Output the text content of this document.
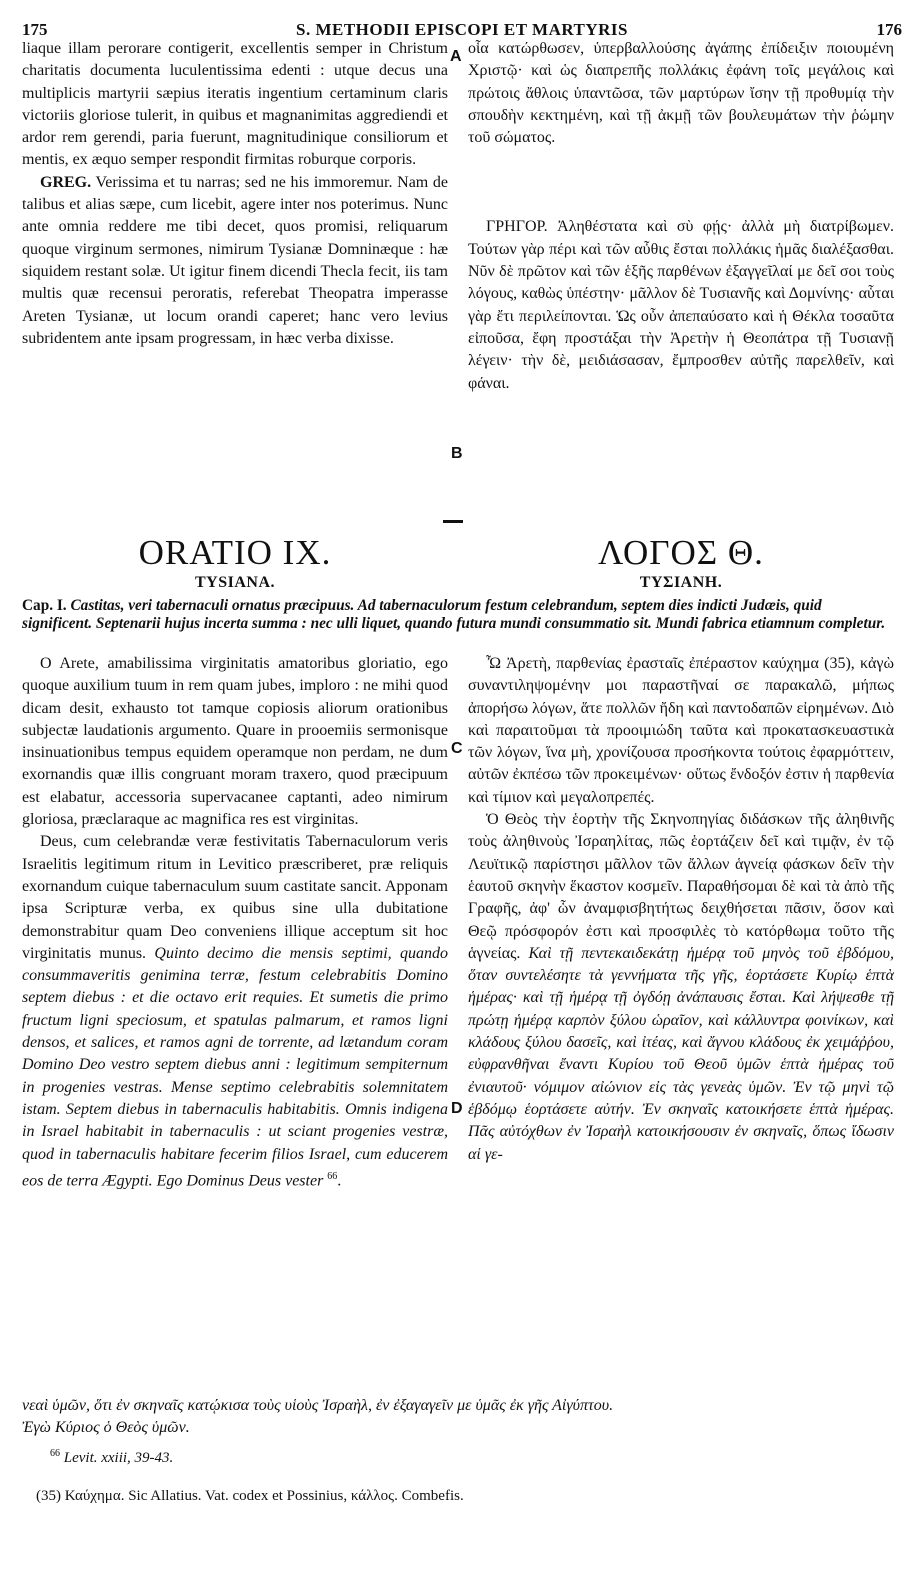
175	S. METHODII EPISCOPI ET MARTYRIS	176

liaque illam perorare contigerit, excellentis semper in Christum charitatis documenta luculentissima edenti : utque decus una multiplicis martyrii sæpius iteratis ingentium certaminum claris victoriis gloriose tulerit, in quibus et magnanimitas aggrediendi et ardor rem gerendi, paria fuerunt, magnitudinique consiliorum et mentis, ex æquo semper respondit firmitas roburque corporis.

GREG. Verissima et tu narras; sed ne his immoremur. Nam de talibus et alias sæpe, cum licebit, agere inter nos poterimus. Nunc ante omnia reddere me tibi decet, quos promisi, reliquarum quoque virginum sermones, nimirum Tysianæ Domninæque : hæ siquidem restant solæ. Ut igitur finem dicendi Thecla fecit, iis tam multis quæ recensui peroratis, referebat Theopatra imperasse Areten Tysianæ, ut locum orandi caperet; hanc vero levius subridentem ante ipsam progressam, in hæc verba dixisse.

οἷα κατώρθωσεν, ὑπερβαλλούσης ἀγάπης ἐπίδειξιν ποιουμένη Χριστῷ· καὶ ὡς διαπρεπῆς πολλάκις ἐφάνη τοῖς μεγάλοις καὶ πρώτοις ἄθλοις ὑπαντῶσα, τῶν μαρτύρων ἴσην τῇ προθυμίᾳ τὴν σπουδὴν κεκτημένη, καὶ τῇ ἀκμῇ τῶν βουλευμάτων τὴν ῥώμην τοῦ σώματος.

ΓΡΗΓΟΡ. Ἀληθέστατα καὶ σὺ φῄς· ἀλλὰ μὴ διατρίβωμεν. Τούτων γὰρ πέρι καὶ τῶν αὖθις ἔσται πολλάκις ἡμᾶς διαλέξασθαι. Νῦν δὲ πρῶτον καὶ τῶν ἑξῆς παρθένων ἐξαγγεῖλαί με δεῖ σοι τοὺς λόγους, καθὼς ὑπέστην· μᾶλλον δὲ Τυσιανῆς καὶ Δομνίνης· αὗται γὰρ ἔτι περιλείπονται. Ὡς οὖν ἀπεπαύσατο καὶ ἡ Θέκλα τοσαῦτα εἰποῦσα, ἔφη προστάξαι τὴν Ἀρετὴν ἡ Θεοπάτρα τῇ Τυσιανῇ λέγειν· τὴν δὲ, μειδιάσασαν, ἔμπροσθεν αὐτῆς παρελθεῖν, καὶ φάναι.

A
B
ORATIO IX.
TYSIANA.
ΛΟΓΟΣ Θ.
ΤΥΣΙΑΝΗ.
Cap. I. Castitas, veri tabernaculi ornatus præcipuus. Ad tabernaculorum festum celebrandum, septem dies indicti Judæis, quid significent. Septenarii hujus incerta summa : nec ulli liquet, quando futura mundi consummatio sit. Mundi fabrica etiamnum completur.

O Arete, amabilissima virginitatis amatoribus gloriatio, ego quoque auxilium tuum in rem quam jubes, imploro : ne mihi quod dicam desit, exhausto tot tamque copiosis aliorum orationibus subjectæ laudationis argumento. Quare in prooemiis sermonisque insinuationibus tempus equidem operamque non perdam, ne dum exornandis quæ illis congruant moram traxero, quod præcipuum est elabatur, accessoria supervacanee captanti, adeo nimirum gloriosa, præclaraque ac magnifica res est virginitas.

Deus, cum celebrandæ veræ festivitatis Tabernaculorum veris Israelitis legitimum ritum in Levitico præscriberet, præ reliquis exornandum cuique tabernaculum suum castitate sancit. Apponam ipsa Scripturæ verba, ex quibus sine ulla dubitatione demonstrabitur quam Deo conveniens illique acceptum sit hoc virginitatis munus. Quinto decimo die mensis septimi, quando consummaveritis genimina terræ, festum celebrabitis Domino septem diebus : et die octavo erit requies. Et sumetis die primo fructum ligni speciosum, et spatulas palmarum, et ramos ligni densos, et salices, et ramos agni de torrente, ad lætandum coram Domino Deo vestro septem diebus anni : legitimum sempiternum in progenies vestras. Mense septimo celebrabitis solemnitatem istam. Septem diebus in tabernaculis habitabitis. Omnis indigena in Israel habitabit in tabernaculis : ut sciant progenies vestræ, quod in tabernaculis habitare fecerim filios Israel, cum educerem eos de terra Ægypti. Ego Dominus Deus vester $^{66}$.

Ὦ Ἀρετὴ, παρθενίας ἐρασταῖς ἐπέραστον καύχημα (35), κἀγὼ συναντιληψομένην μοι παραστῆναί σε παρακαλῶ, μήπως ἀπορήσω λόγων, ἅτε πολλῶν ἤδη καὶ παντοδαπῶν εἰρημένων. Διὸ καὶ παραιτοῦμαι τὰ προοιμιώδη ταῦτα καὶ προκατασκευαστικὰ τῶν λόγων, ἵνα μὴ, χρονίζουσα προσήκοντα τούτοις ἐφαρμόττειν, αὐτῶν ἐκπέσω τῶν προκειμένων· οὕτως ἔνδοξόν ἐστιν ἡ παρθενία καὶ τίμιον καὶ μεγαλοπρεπές.

Ὁ Θεὸς τὴν ἑορτὴν τῆς Σκηνοπηγίας διδάσκων τῆς ἀληθινῆς τοὺς ἀληθινοὺς Ἰσραηλίτας, πῶς ἑορτάζειν δεῖ καὶ τιμᾷν, ἐν τῷ Λευϊτικῷ παρίστησι μᾶλλον τῶν ἄλλων ἁγνείᾳ φάσκων δεῖν τὴν ἑαυτοῦ σκηνὴν ἕκαστον κοσμεῖν. Παραθήσομαι δὲ καὶ τὰ ἀπὸ τῆς Γραφῆς, ἀφ' ὧν ἀναμφισβητήτως δειχθήσεται πᾶσιν, ὅσον καὶ Θεῷ πρόσφορόν ἐστι καὶ προσφιλὲς τὸ κατόρθωμα τοῦτο τῆς ἁγνείας. Καὶ τῇ πεντεκαιδεκάτῃ ἡμέρᾳ τοῦ μηνὸς τοῦ ἑβδόμου, ὅταν συντελέσητε τὰ γεννήματα τῆς γῆς, ἑορτάσετε Κυρίῳ ἑπτὰ ἡμέρας· καὶ τῇ ἡμέρᾳ τῇ ὀγδόῃ ἀνάπαυσις ἔσται. Καὶ λήψεσθε τῇ πρώτῃ ἡμέρᾳ καρπὸν ξύλου ὡραῖον, καὶ κάλλυντρα φοινίκων, καὶ κλάδους ξύλου δασεῖς, καὶ ἰτέας, καὶ ἄγνου κλάδους ἐκ χειμάῤῥου, εὐφρανθῆναι ἔναντι Κυρίου τοῦ Θεοῦ ὑμῶν ἑπτὰ ἡμέρας τοῦ ἐνιαυτοῦ· νόμιμον αἰώνιον εἰς τὰς γενεὰς ὑμῶν. Ἐν τῷ μηνὶ τῷ ἑβδόμῳ ἑορτάσετε αὐτήν. Ἐν σκηναῖς κατοικήσετε ἑπτὰ ἡμέρας. Πᾶς αὐτόχθων ἐν Ἰσραὴλ κατοικήσουσιν ἐν σκηναῖς, ὅπως ἴδωσιν αἱ γε-

C
D

νεαὶ ὑμῶν, ὅτι ἐν σκηναῖς κατῴκισα τοὺς υἱοὺς Ἰσραὴλ, ἐν ἐξαγαγεῖν με ὑμᾶς ἐκ γῆς Αἰγύπτου.

Ἐγὼ Κύριος ὁ Θεὸς ὑμῶν.

$^{66}$ Levit. xxiii, 39-43.
(35) Καύχημα. Sic Allatius. Vat. codex et Possinius, κάλλος. Combefis.
